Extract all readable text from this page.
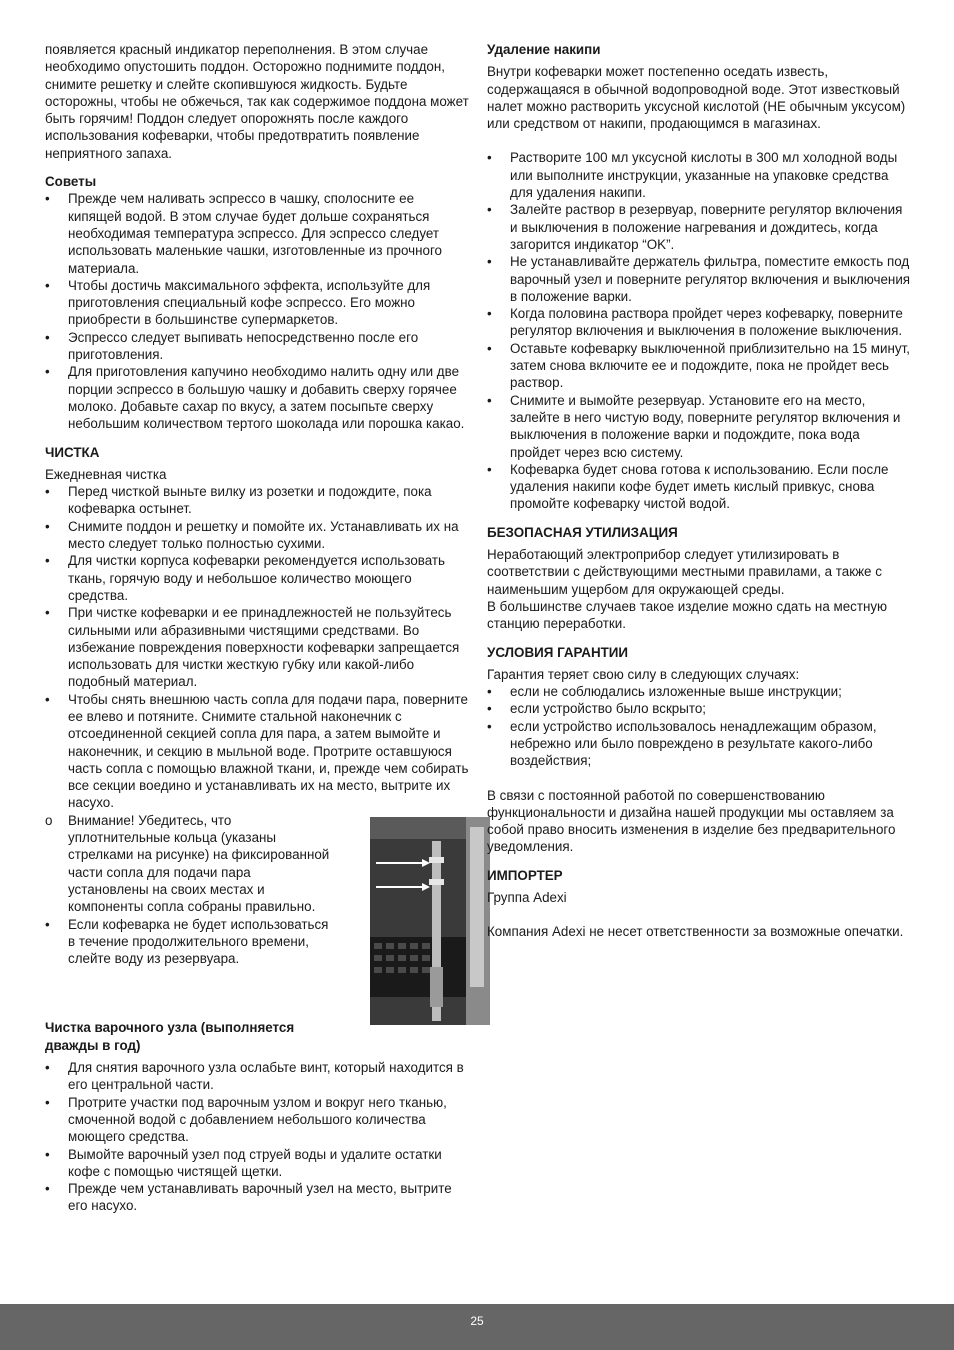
появляется красный индикатор переполнения. В этом случае необходимо опустошить поддон. Осторожно поднимите поддон, снимите решетку и слейте скопившуюся жидкость. Будьте осторожны, чтобы не обжечься, так как содержимое поддона может быть горячим! Поддон следует опорожнять после каждого использования кофеварки, чтобы предотвратить появление неприятного запаха.

Советы
• Прежде чем наливать эспрессо в чашку, сполосните ее кипящей водой. В этом случае будет дольше сохраняться необходимая температура эспрессо. Для эспрессо следует использовать маленькие чашки, изготовленные из прочного материала.
• Чтобы достичь максимального эффекта, используйте для приготовления специальный кофе эспрессо. Его можно приобрести в большинстве супермаркетов.
• Эспрессо следует выпивать непосредственно после его приготовления.
• Для приготовления капучино необходимо налить одну или две порции эспрессо в большую чашку и добавить сверху горячее молоко. Добавьте сахар по вкусу, а затем посыпьте сверху небольшим количеством тертого шоколада или порошка какао.
ЧИСТКА

Ежедневная чистка

• Перед чисткой выньте вилку из розетки и подождите, пока кофеварка остынет.
• Снимите поддон и решетку и помойте их. Устанавливать их на место следует только полностью сухими.
• Для чистки корпуса кофеварки рекомендуется использовать ткань, горячую воду и небольшое количество моющего средства.
• При чистке кофеварки и ее принадлежностей не пользуйтесь сильными или абразивными чистящими средствами. Во избежание повреждения поверхности кофеварки запрещается использовать для чистки жесткую губку или какой-либо подобный материал.
• Чтобы снять внешнюю часть сопла для подачи пара, поверните ее влево и потяните. Снимите стальной наконечник с отсоединенной секцией сопла для пара, а затем вымойте и наконечник, и секцию в мыльной воде. Протрите оставшуюся часть сопла с помощью влажной ткани, и, прежде чем собирать все секции воедино и устанавливать их на место, вытрите их насухо.
o Внимание! Убедитесь, что уплотнительные кольца (указаны стрелками на рисунке) на фиксированной части сопла для подачи пара установлены на своих местах и компоненты сопла собраны правильно.
• Если кофеварка не будет использоваться в течение продолжительного времени, слейте воду из резервуара.
Чистка варочного узла (выполняется дважды в год)
• Для снятия варочного узла ослабьте винт, который находится в его центральной части.
• Протрите участки под варочным узлом и вокруг него тканью, смоченной водой с добавлением небольшого количества моющего средства.
• Вымойте варочный узел под струей воды и удалите остатки кофе с помощью чистящей щетки.
• Прежде чем устанавливать варочный узел на место, вытрите его насухо.
Удаление накипи

Внутри кофеварки может постепенно оседать известь, содержащаяся в обычной водопроводной воде. Этот известковый налет можно растворить уксусной кислотой (НЕ обычным уксусом) или средством от накипи, продающимся в магазинах.

• Растворите 100 мл уксусной кислоты в 300 мл холодной воды или выполните инструкции, указанные на упаковке средства для удаления накипи.
• Залейте раствор в резервуар, поверните регулятор включения и выключения в положение нагревания и дождитесь, когда загорится индикатор “OK”.
• Не устанавливайте держатель фильтра, поместите емкость под варочный узел и поверните регулятор включения и выключения в положение варки.
• Когда половина раствора пройдет через кофеварку, поверните регулятор включения и выключения в положение выключения.
• Оставьте кофеварку выключенной приблизительно на 15 минут, затем снова включите ее и подождите, пока не пройдет весь раствор.
• Снимите и вымойте резервуар. Установите его на место, залейте в него чистую воду, поверните регулятор включения и выключения в положение варки и подождите, пока вода пройдет через всю систему.
• Кофеварка будет снова готова к использованию. Если после удаления накипи кофе будет иметь кислый привкус, снова промойте кофеварку чистой водой.
БЕЗОПАСНАЯ УТИЛИЗАЦИЯ

Неработающий электроприбор следует утилизировать в соответствии с действующими местными правилами, а также с наименьшим ущербом для окружающей среды.

В большинстве случаев такое изделие можно сдать на местную станцию переработки.

УСЛОВИЯ ГАРАНТИИ

Гарантия теряет свою силу в следующих случаях:

• если не соблюдались изложенные выше инструкции;
• если устройство было вскрыто;
• если устройство использовалось ненадлежащим образом, небрежно или было повреждено в результате какого-либо воздействия;

В связи с постоянной работой по совершенствованию функциональности и дизайна нашей продукции мы оставляем за собой право вносить изменения в изделие без предварительного уведомления.

ИМПОРТЕР

Группа Adexi

Компания Adexi не несет ответственности за возможные опечатки.

25
